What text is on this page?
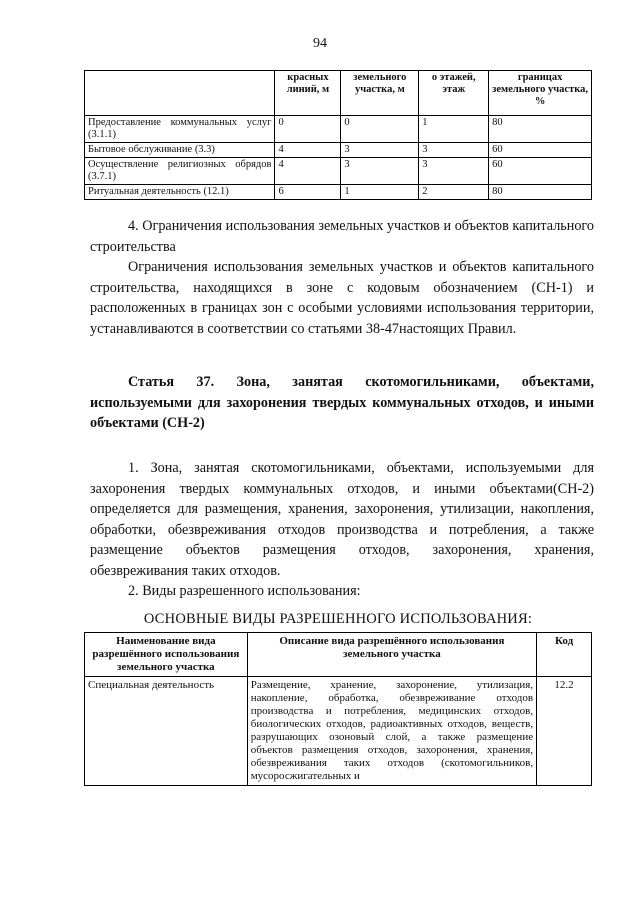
94
	красных линий, м	земельного участка, м	о этажей, этаж	границах земельного участка, %
Предоставление коммунальных услуг (3.1.1)	0	0	1	80
Бытовое обслуживание (3.3)	4	3	3	60
Осуществление религиозных обрядов (3.7.1)	4	3	3	60
Ритуальная деятельность (12.1)	6	1	2	80

4. Ограничения использования земельных участков и объектов капитального строительства

Ограничения использования земельных участков и объектов капитального строительства, находящихся в зоне с кодовым обозначением (СН-1) и расположенных в границах зон с особыми условиями использования территории, устанавливаются в соответствии со статьями 38-47настоящих Правил.

Статья 37. Зона, занятая скотомогильниками, объектами, используемыми для захоронения твердых коммунальных отходов, и иными объектами (СН-2)

1. Зона, занятая скотомогильниками, объектами, используемыми для захоронения твердых коммунальных отходов, и иными объектами(СН-2) определяется для размещения, хранения, захоронения, утилизации, накопления, обработки, обезвреживания отходов производства и потребления, а также размещение объектов размещения отходов, захоронения, хранения, обезвреживания таких отходов.

2. Виды разрешенного использования:

ОСНОВНЫЕ ВИДЫ РАЗРЕШЕННОГО ИСПОЛЬЗОВАНИЯ:
Наименование вида разрешённого использования земельного участка	Описание вида разрешённого использования земельного участка	Код
Специальная деятельность	Размещение, хранение, захоронение, утилизация, накопление, обработка, обезвреживание отходов производства и потребления, медицинских отходов, биологических отходов, радиоактивных отходов, веществ, разрушающих озоновый слой, а также размещение объектов размещения отходов, захоронения, хранения, обезвреживания таких отходов (скотомогильников, мусоросжигательных и	12.2
